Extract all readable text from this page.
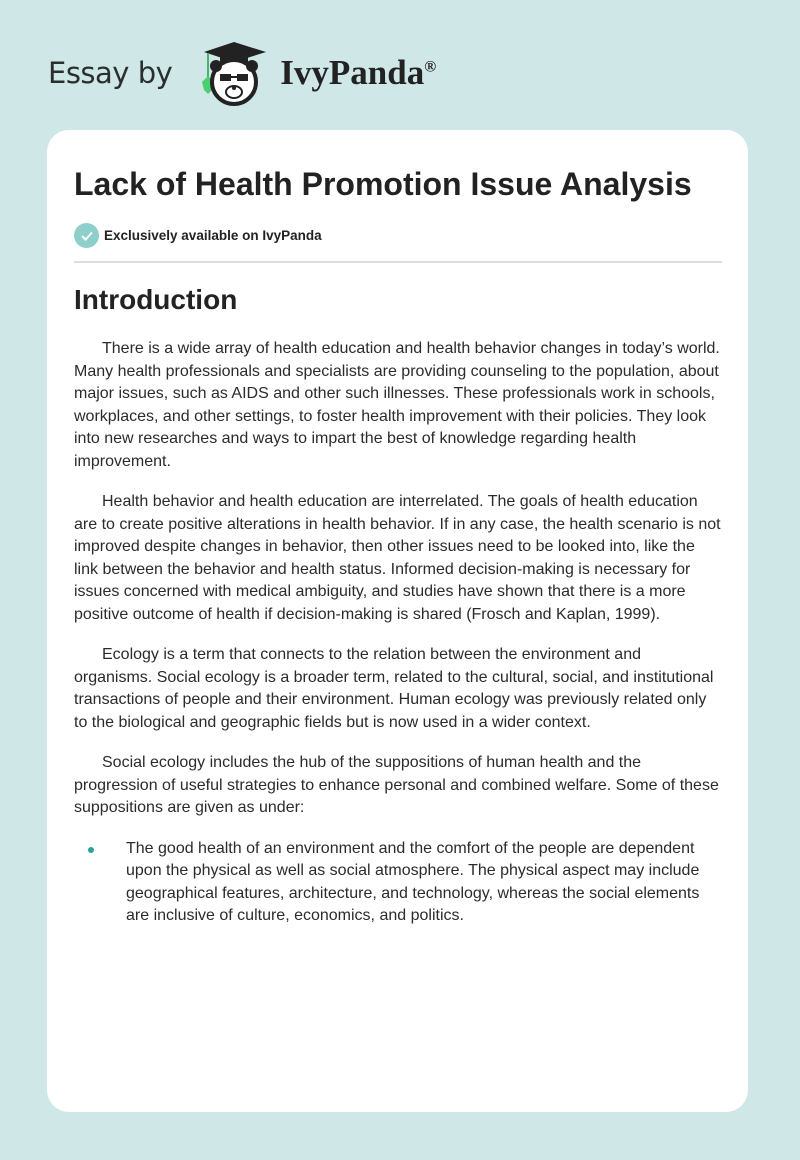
Essay by	IvyPanda®
Lack of Health Promotion Issue Analysis
Exclusively available on IvyPanda
Introduction

There is a wide array of health education and health behavior changes in today’s world. Many health professionals and specialists are providing counseling to the population, about major issues, such as AIDS and other such illnesses. These professionals work in schools, workplaces, and other settings, to foster health improvement with their policies. They look into new researches and ways to impart the best of knowledge regarding health improvement.

Health behavior and health education are interrelated. The goals of health education are to create positive alterations in health behavior. If in any case, the health scenario is not improved despite changes in behavior, then other issues need to be looked into, like the link between the behavior and health status. Informed decision-making is necessary for issues concerned with medical ambiguity, and studies have shown that there is a more positive outcome of health if decision-making is shared (Frosch and Kaplan, 1999).

Ecology is a term that connects to the relation between the environment and organisms. Social ecology is a broader term, related to the cultural, social, and institutional transactions of people and their environment. Human ecology was previously related only to the biological and geographic fields but is now used in a wider context.

Social ecology includes the hub of the suppositions of human health and the progression of useful strategies to enhance personal and combined welfare. Some of these suppositions are given as under:

The good health of an environment and the comfort of the people are dependent upon the physical as well as social atmosphere. The physical aspect may include geographical features, architecture, and technology, whereas the social elements are inclusive of culture, economics, and politics.
